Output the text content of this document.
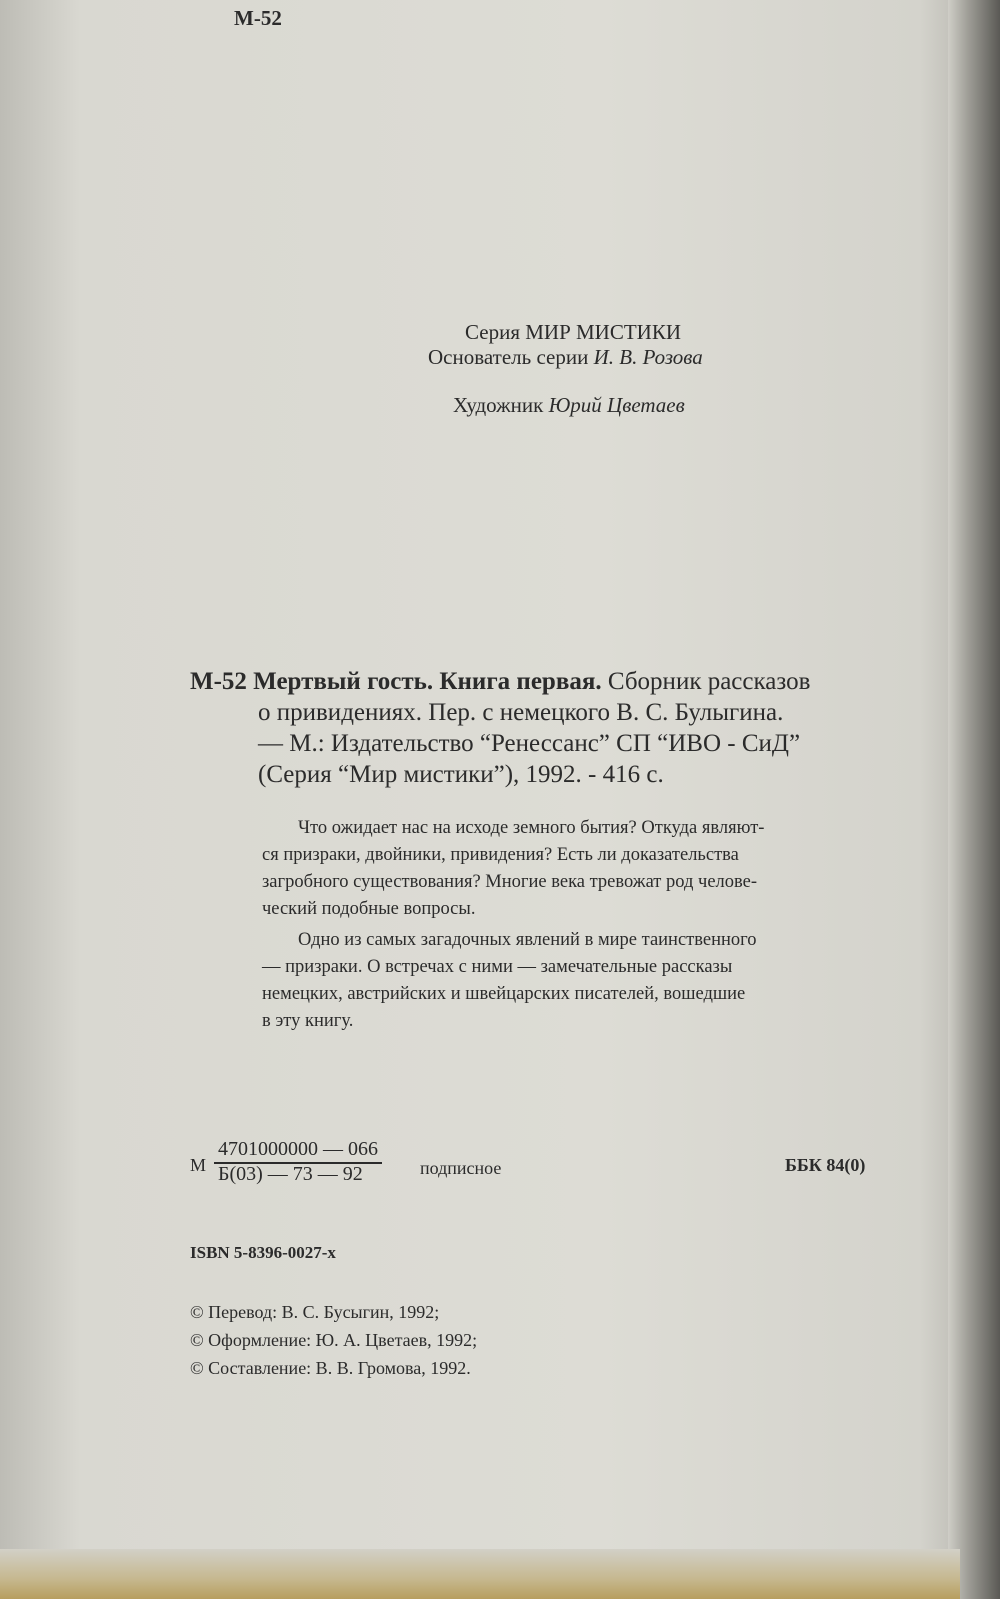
М-52
Серия МИР МИСТИКИ
Основатель серии И. В. Розова
Художник Юрий Цветаев
М-52 Мертвый гость. Книга первая. Сборник рассказов
о привидениях. Пер. с немецкого В. С. Булыгина.
— М.: Издательство “Ренессанс” СП “ИВО - СиД”
(Серия “Мир мистики”), 1992. - 416 с.
Что ожидает нас на исходе земного бытия? Откуда являют-
ся призраки, двойники, привидения? Есть ли доказательства
загробного существования? Многие века тревожат род челове-
ческий подобные вопросы.
Одно из самых загадочных явлений в мире таинственного
— призраки. О встречах с ними — замечательные рассказы
немецких, австрийских и швейцарских писателей, вошедшие
в эту книгу.
М
4701000000 — 066
Б(03) — 73 — 92	подписное	ББК 84(0)
ISBN 5-8396-0027-х
© Перевод: В. С. Бусыгин, 1992;
© Оформление: Ю. А. Цветаев, 1992;
© Составление: В. В. Громова, 1992.
